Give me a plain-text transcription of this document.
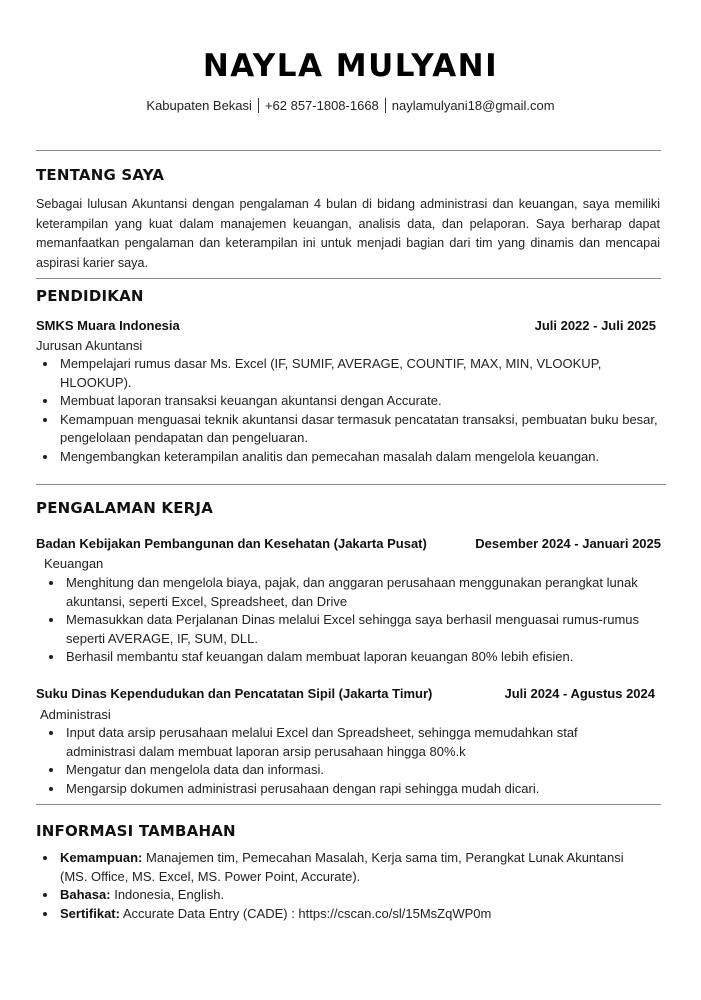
NAYLA MULYANI
Kabupaten Bekasi +62 857-1808-1668 naylamulyani18@gmail.com
TENTANG SAYA

Sebagai lulusan Akuntansi dengan pengalaman 4 bulan di bidang administrasi dan keuangan, saya memiliki keterampilan yang kuat dalam manajemen keuangan, analisis data, dan pelaporan. Saya berharap dapat memanfaatkan pengalaman dan keterampilan ini untuk menjadi bagian dari tim yang dinamis dan mencapai aspirasi karier saya.

PENDIDIKAN
SMKS Muara Indonesia	Juli 2022 - Juli 2025
Jurusan Akuntansi
• Mempelajari rumus dasar Ms. Excel (IF, SUMIF, AVERAGE, COUNTIF, MAX, MIN, VLOOKUP, HLOOKUP).
• Membuat laporan transaksi keuangan akuntansi dengan Accurate.
• Kemampuan menguasai teknik akuntansi dasar termasuk pencatatan transaksi, pembuatan buku besar, pengelolaan pendapatan dan pengeluaran.
• Mengembangkan keterampilan analitis dan pemecahan masalah dalam mengelola keuangan.
PENGALAMAN KERJA
Badan Kebijakan Pembangunan dan Kesehatan (Jakarta Pusat)	Desember 2024 - Januari 2025
Keuangan
• Menghitung dan mengelola biaya, pajak, dan anggaran perusahaan menggunakan perangkat lunak akuntansi, seperti Excel, Spreadsheet, dan Drive
• Memasukkan data Perjalanan Dinas melalui Excel sehingga saya berhasil menguasai rumus-rumus seperti AVERAGE, IF, SUM, DLL.
• Berhasil membantu staf keuangan dalam membuat laporan keuangan 80% lebih efisien.
Suku Dinas Kependudukan dan Pencatatan Sipil (Jakarta Timur)	Juli 2024 - Agustus 2024
Administrasi
• Input data arsip perusahaan melalui Excel dan Spreadsheet, sehingga memudahkan staf administrasi dalam membuat laporan arsip perusahaan hingga 80%.k
• Mengatur dan mengelola data dan informasi.
• Mengarsip dokumen administrasi perusahaan dengan rapi sehingga mudah dicari.
INFORMASI TAMBAHAN
• Kemampuan: Manajemen tim, Pemecahan Masalah, Kerja sama tim, Perangkat Lunak Akuntansi (MS. Office, MS. Excel, MS. Power Point, Accurate).
• Bahasa: Indonesia, English.
• Sertifikat: Accurate Data Entry (CADE) : https://cscan.co/sl/15MsZqWP0m
